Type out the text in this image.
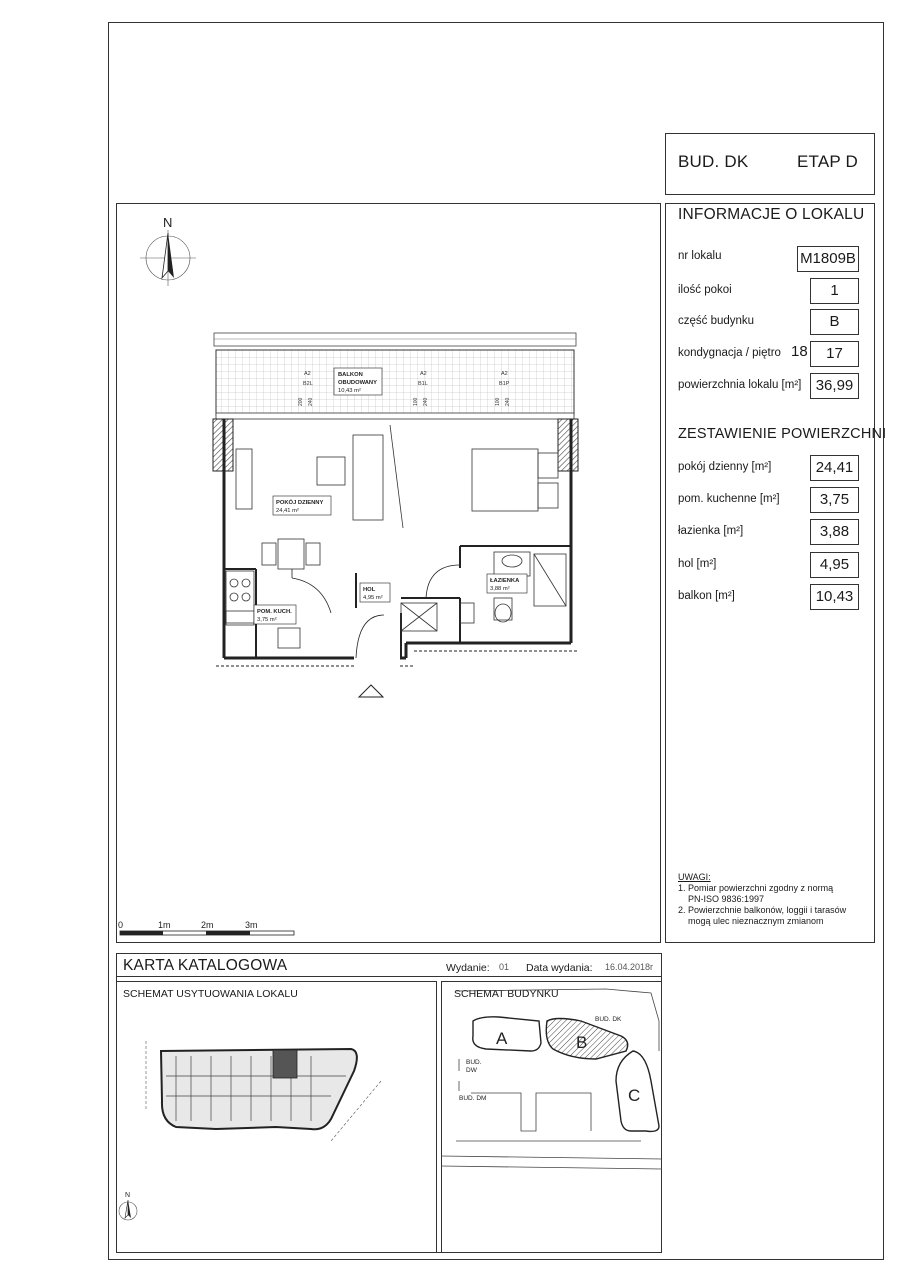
BUD. DK	ETAP D
INFORMACJE O LOKALU
nr lokalu	M1809B
ilość pokoi	1
część budynku	B
kondygnacja / piętro 18	17
powierzchnia lokalu [m²] 36,99
ZESTAWIENIE POWIERZCHNI
pokój dzienny [m²]	24,41
pom. kuchenne [m²]	3,75
łazienka [m²]	3,88
hol [m²]	4,95
balkon [m²]	10,43
UWAGI:
1. Pomiar powierzchni zgodny z normą
PN-ISO 9836:1997
2. Powierzchnie balkonów, loggii i tarasów
mogą ulec nieznacznym zmianom
N
A2
B2L
A2
B1L
A2
B1P
200 240	100 240	100 240
BALKON
OBUDOWANY
10,43 m²
POKÓJ DZIENNY
24,41 m²
HOL
4,95 m²
ŁAZIENKA
3,88 m²
POM. KUCH.
3,75 m²
0	1m	2m	3m
KARTA KATALOGOWA	Wydanie: 01 Data wydania: 16.04.2018r
SCHEMAT USYTUOWANIA LOKALU
N
SCHEMAT BUDYNKU
A	B
C
BUD. DK
BUD.
DW
BUD. DM
